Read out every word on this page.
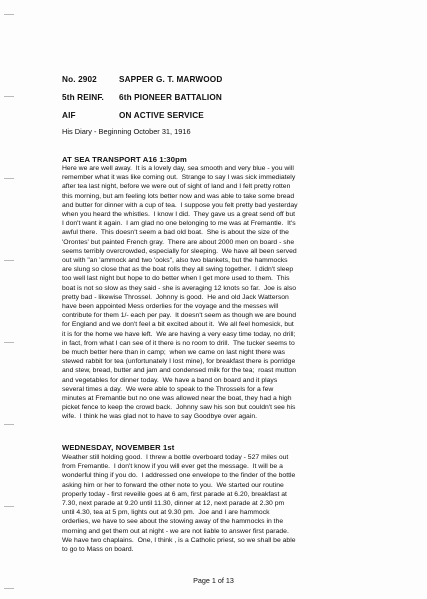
No. 2902	SAPPER G. T. MARWOOD
5th REINF.	6th PIONEER BATTALION
AIF	ON ACTIVE SERVICE
His Diary - Beginning October 31, 1916
AT SEA TRANSPORT A16 1:30pm
Here we are well away.  It is a lovely day, sea smooth and very blue - you will
remember what it was like coming out.  Strange to say I was sick immediately
after tea last night, before we were out of sight of land and I felt pretty rotten
this morning, but am feeling lots better now and was able to take some bread
and butter for dinner with a cup of tea.  I suppose you felt pretty bad yesterday
when you heard the whistles.  I know I did.  They gave us a great send off but
I don't want it again.  I am glad no one belonging to me was at Fremantle.  It's
awful there.  This doesn't seem a bad old boat.  She is about the size of the
'Orontes' but painted French gray.  There are about 2000 men on board - she
seems terribly overcrowded, especially for sleeping.  We have all been served
out with "an 'ammock and two 'ooks", also two blankets, but the hammocks
are slung so close that as the boat rolls they all swing together.  I didn't sleep
too well last night but hope to do better when I get more used to them.  This
boat is not so slow as they said - she is averaging 12 knots so far.  Joe is also
pretty bad - likewise Throssel.  Johnny is good.  He and old Jack Watterson
have been appointed Mess orderlies for the voyage and the messes will
contribute for them 1/- each per pay.  It doesn't seem as though we are bound
for England and we don't feel a bit excited about it.  We all feel homesick, but
it is for the home we have left.  We are having a very easy time today, no drill;
in fact, from what I can see of it there is no room to drill.  The tucker seems to
be much better here than in camp;  when we came on last night there was
stewed rabbit for tea (unfortunately I lost mine), for breakfast there is porridge
and stew, bread, butter and jam and condensed milk for the tea;  roast mutton
and vegetables for dinner today.  We have a band on board and it plays
several times a day.  We were able to speak to the Throssels for a few
minutes at Fremantle but no one was allowed near the boat, they had a high
picket fence to keep the crowd back.  Johnny saw his son but couldn't see his
wife.  I think he was glad not to have to say Goodbye over again.
WEDNESDAY, NOVEMBER 1st
Weather still holding good.  I threw a bottle overboard today - 527 miles out
from Fremantle.  I don't know if you will ever get the message.  It will be a
wonderful thing if you do.  I addressed one envelope to the finder of the bottle
asking him or her to forward the other note to you.  We started our routine
properly today - first reveille goes at 6 am, first parade at 6.20, breakfast at
7.30, next parade at 9.20 until 11.30, dinner at 12, next parade at 2.30 pm
until 4.30, tea at 5 pm, lights out at 9.30 pm.  Joe and I are hammock
orderlies, we have to see about the stowing away of the hammocks in the
morning and get them out at night - we are not liable to answer first parade.
We have two chaplains.  One, I think , is a Catholic priest, so we shall be able
to go to Mass on board.
Page 1 of 13
